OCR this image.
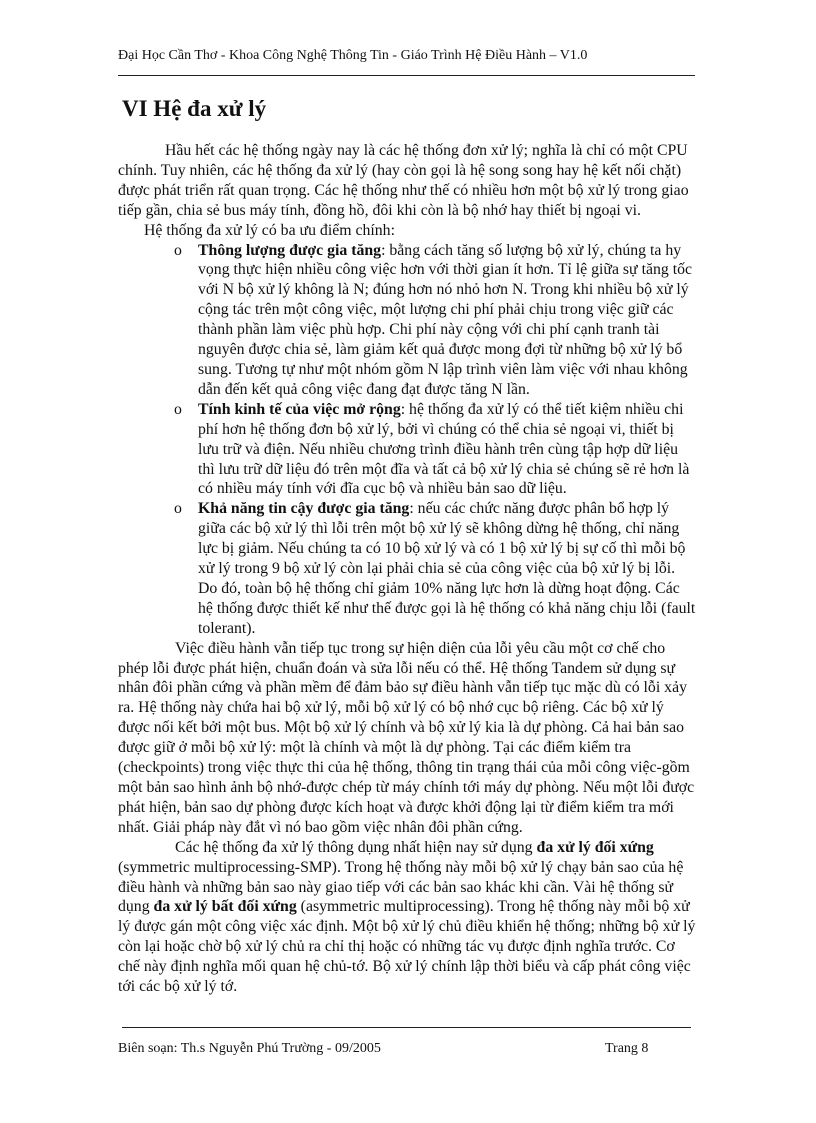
Đại Học Cần Thơ - Khoa Công Nghệ Thông Tin - Giáo Trình Hệ Điều Hành – V1.0
VI Hệ đa xử lý

Hầu hết các hệ thống ngày nay là các hệ thống đơn xử lý; nghĩa là chỉ có một CPU chính. Tuy nhiên, các hệ thống đa xử lý (hay còn gọi là hệ song song hay hệ kết nối chặt) được phát triển rất quan trọng. Các hệ thống như thế có nhiều hơn một bộ xử lý trong giao tiếp gần, chia sẻ bus máy tính, đồng hồ, đôi khi còn là bộ nhớ hay thiết bị ngoại vi.

Hệ thống đa xử lý có ba ưu điểm chính:

o Thông lượng được gia tăng: bằng cách tăng số lượng bộ xử lý, chúng ta hy vọng thực hiện nhiều công việc hơn với thời gian ít hơn. Tỉ lệ giữa sự tăng tốc với N bộ xử lý không là N; đúng hơn nó nhỏ hơn N. Trong khi nhiều bộ xử lý cộng tác trên một công việc, một lượng chi phí phải chịu trong việc giữ các thành phần làm việc phù hợp. Chi phí này cộng với chi phí cạnh tranh tài nguyên được chia sẻ, làm giảm kết quả được mong đợi từ những bộ xử lý bổ sung. Tương tự như một nhóm gồm N lập trình viên làm việc với nhau không dẫn đến kết quả công việc đang đạt được tăng N lần.
o Tính kinh tế của việc mở rộng: hệ thống đa xử lý có thể tiết kiệm nhiều chi phí hơn hệ thống đơn bộ xử lý, bởi vì chúng có thể chia sẻ ngoại vi, thiết bị lưu trữ và điện. Nếu nhiều chương trình điều hành trên cùng tập hợp dữ liệu thì lưu trữ dữ liệu đó trên một đĩa và tất cả bộ xử lý chia sẻ chúng sẽ rẻ hơn là có nhiều máy tính với đĩa cục bộ và nhiều bản sao dữ liệu.
o Khả năng tin cậy được gia tăng: nếu các chức năng được phân bổ hợp lý giữa các bộ xử lý thì lỗi trên một bộ xử lý sẽ không dừng hệ thống, chỉ năng lực bị giảm. Nếu chúng ta có 10 bộ xử lý và có 1 bộ xử lý bị sự cố thì mỗi bộ xử lý trong 9 bộ xử lý còn lại phải chia sẻ của công việc của bộ xử lý bị lỗi. Do đó, toàn bộ hệ thống chỉ giảm 10% năng lực hơn là dừng hoạt động. Các hệ thống được thiết kế như thế được gọi là hệ thống có khả năng chịu lỗi (fault tolerant).

Việc điều hành vẫn tiếp tục trong sự hiện diện của lỗi yêu cầu một cơ chế cho phép lỗi được phát hiện, chuẩn đoán và sửa lỗi nếu có thể. Hệ thống Tandem sử dụng sự nhân đôi phần cứng và phần mềm để đảm bảo sự điều hành vẫn tiếp tục mặc dù có lỗi xảy ra. Hệ thống này chứa hai bộ xử lý, mỗi bộ xử lý có bộ nhớ cục bộ riêng. Các bộ xử lý được nối kết bởi một bus. Một bộ xử lý chính và bộ xử lý kia là dự phòng. Cả hai bản sao được giữ ở mỗi bộ xử lý: một là chính và một là dự phòng. Tại các điểm kiểm tra (checkpoints) trong việc thực thi của hệ thống, thông tin trạng thái của mỗi công việc-gồm một bản sao hình ảnh bộ nhớ-được chép từ máy chính tới máy dự phòng. Nếu một lỗi được phát hiện, bản sao dự phòng được kích hoạt và được khởi động lại từ điểm kiểm tra mới nhất. Giải pháp này đắt vì nó bao gồm việc nhân đôi phần cứng.

Các hệ thống đa xử lý thông dụng nhất hiện nay sử dụng đa xử lý đối xứng (symmetric multiprocessing-SMP). Trong hệ thống này mỗi bộ xử lý chạy bản sao của hệ điều hành và những bản sao này giao tiếp với các bản sao khác khi cần. Vài hệ thống sử dụng đa xử lý bất đối xứng (asymmetric multiprocessing). Trong hệ thống này mỗi bộ xử lý được gán một công việc xác định. Một bộ xử lý chủ điều khiển hệ thống; những bộ xử lý còn lại hoặc chờ bộ xử lý chủ ra chỉ thị hoặc có những tác vụ được định nghĩa trước. Cơ chế này định nghĩa mối quan hệ chủ-tớ. Bộ xử lý chính lập thời biểu và cấp phát công việc tới các bộ xử lý tớ.

Biên soạn: Th.s Nguyễn Phú Trường - 09/2005	Trang 8
